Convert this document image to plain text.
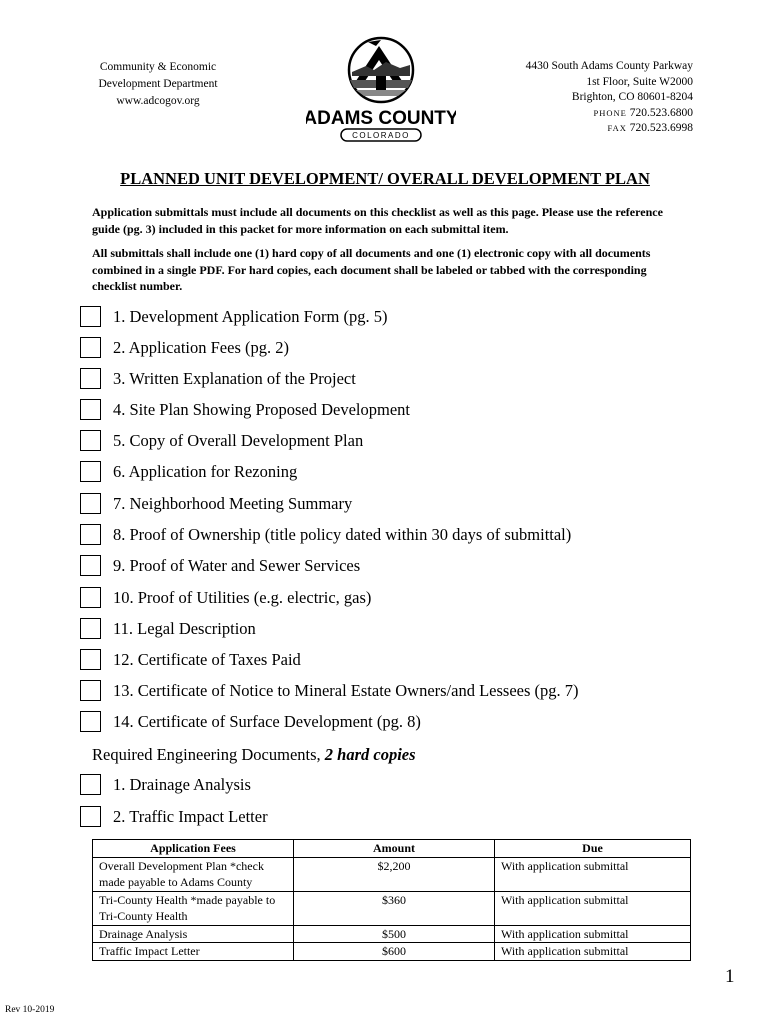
Community & Economic
Development Department
www.adcogov.org
ADAMS COUNTY
COLORADO
4430 South Adams County Parkway
1st Floor, Suite W2000
Brighton, CO 80601-8204
PHONE 720.523.6800
FAX 720.523.6998
PLANNED UNIT DEVELOPMENT/ OVERALL DEVELOPMENT PLAN
Application submittals must include all documents on this checklist as well as this page. Please use the reference guide (pg. 3) included in this packet for more information on each submittal item.
All submittals shall include one (1) hard copy of all documents and one (1) electronic copy with all documents combined in a single PDF. For hard copies, each document shall be labeled or tabbed with the corresponding checklist number.
1. Development Application Form (pg. 5)
2. Application Fees (pg. 2)
3. Written Explanation of the Project
4. Site Plan Showing Proposed Development
5. Copy of Overall Development Plan
6. Application for Rezoning
7. Neighborhood Meeting Summary
8. Proof of Ownership (title policy dated within 30 days of submittal)
9. Proof of Water and Sewer Services
10. Proof of Utilities (e.g. electric, gas)
11. Legal Description
12. Certificate of Taxes Paid
13. Certificate of Notice to Mineral Estate Owners/and Lessees (pg. 7)
14. Certificate of Surface Development (pg. 8)
Required Engineering Documents, 2 hard copies
1. Drainage Analysis
2. Traffic Impact Letter
Application Fees	Amount	Due
Overall Development Plan *check made payable to Adams County	$2,200	With application submittal
Tri-County Health *made payable to Tri-County Health	$360	With application submittal
Drainage Analysis	$500	With application submittal
Traffic Impact Letter	$600	With application submittal
Rev 10-2019
1
